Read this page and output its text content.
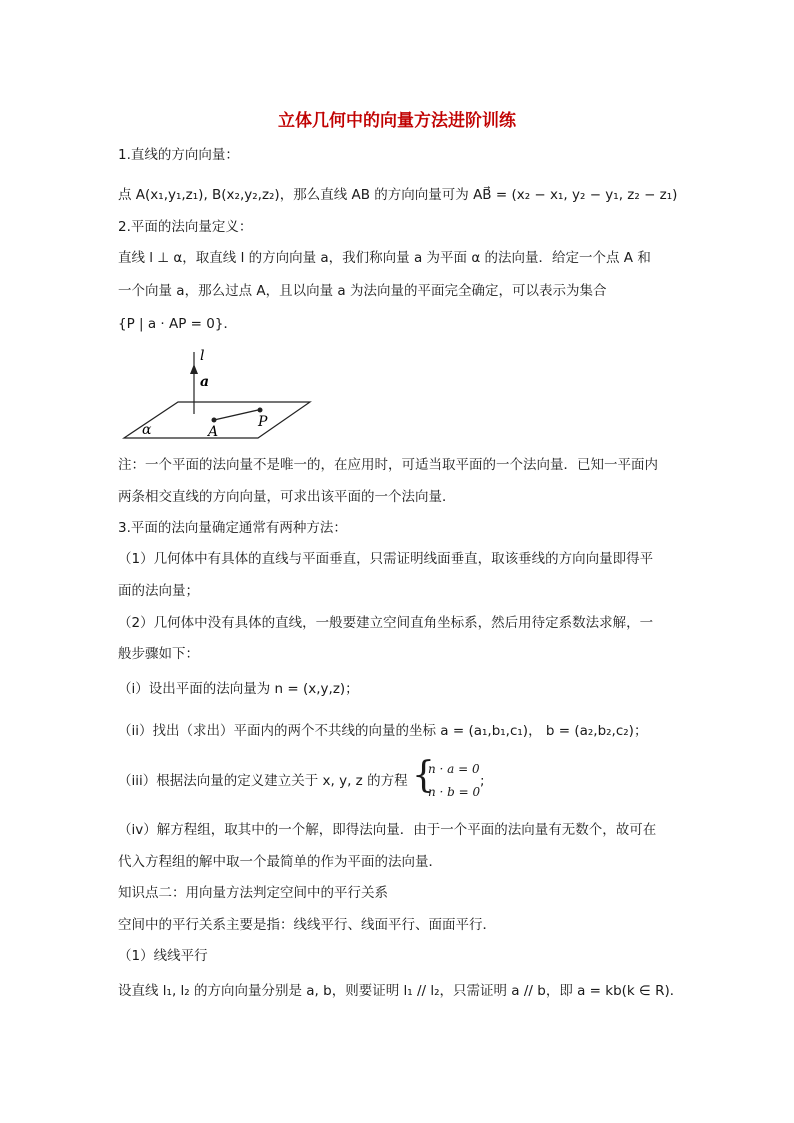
立体几何中的向量方法进阶训练
1.直线的方向向量：
点 A(x₁,y₁,z₁), B(x₂,y₂,z₂)，那么直线 AB 的方向向量可为 AB⃗ = (x₂ − x₁, y₂ − y₁, z₂ − z₁)
2.平面的法向量定义：
直线 l ⊥ α，取直线 l 的方向向量 a，我们称向量 a 为平面 α 的法向量．给定一个点 A 和
一个向量 a，那么过点 A，且以向量 a 为法向量的平面完全确定，可以表示为集合
{P | a · AP = 0}．
l
a
P
A
α
注：一个平面的法向量不是唯一的，在应用时，可适当取平面的一个法向量．已知一平面内
两条相交直线的方向向量，可求出该平面的一个法向量．
3.平面的法向量确定通常有两种方法：
（1）几何体中有具体的直线与平面垂直，只需证明线面垂直，取该垂线的方向向量即得平
面的法向量；
（2）几何体中没有具体的直线，一般要建立空间直角坐标系，然后用待定系数法求解，一
般步骤如下：
（i）设出平面的法向量为 n = (x,y,z)；
（ii）找出（求出）平面内的两个不共线的向量的坐标 a = (a₁,b₁,c₁)， b = (a₂,b₂,c₂)；
（iii）根据法向量的定义建立关于 x, y, z 的方程 {
n · a = 0
n · b = 0
;
（iv）解方程组，取其中的一个解，即得法向量．由于一个平面的法向量有无数个，故可在
代入方程组的解中取一个最简单的作为平面的法向量．
知识点二：用向量方法判定空间中的平行关系
空间中的平行关系主要是指：线线平行、线面平行、面面平行．
（1）线线平行
设直线 l₁, l₂ 的方向向量分别是 a, b，则要证明 l₁ // l₂，只需证明 a // b，即 a = kb(k ∈ R)．
